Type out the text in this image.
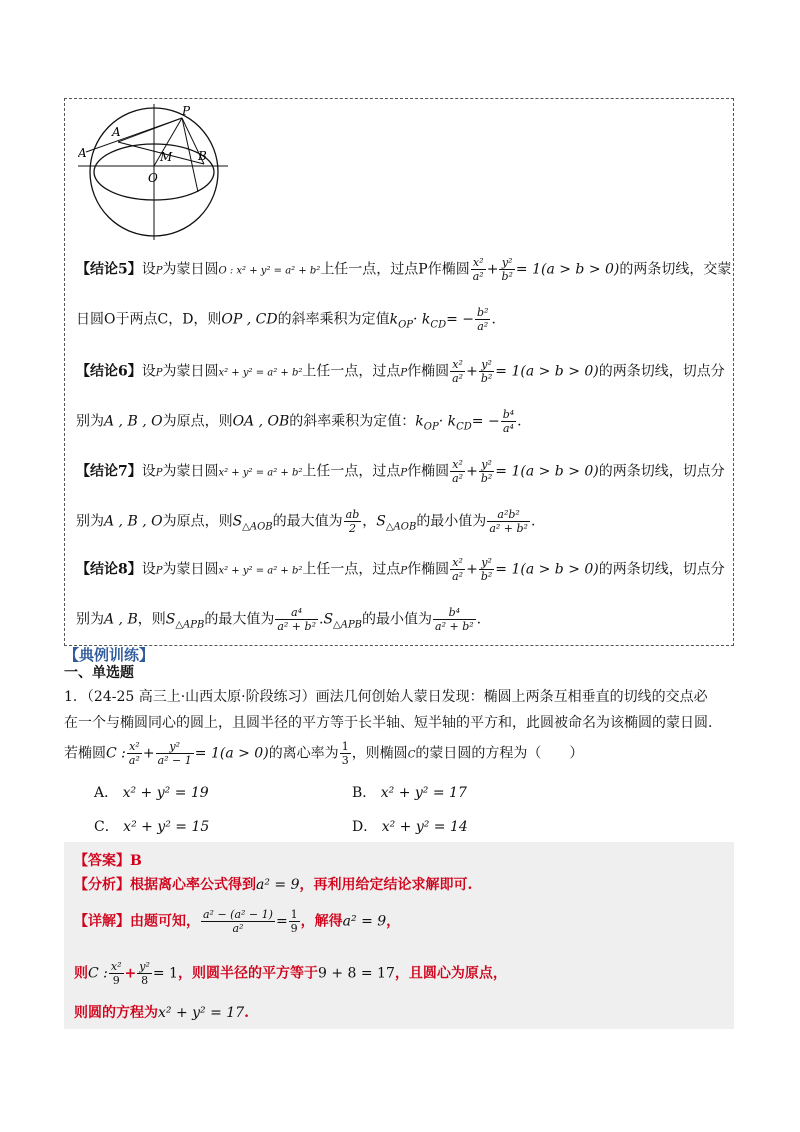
P
A
A	M B
O
【结论5】设P为蒙日圆O : x² + y² = a² + b²上任一点，过点P作椭圆 $\frac{\text{x²}}{\text{a²}} + \frac{\text{y²}}{\text{b²}} = 1(a > b > 0)$的两条切线，交蒙
日圆O于两点C，D，则OP , CD的斜率乘积为定值$k_{OP}\cdot k_{CD}= - \frac{\text{b²}}{\text{a²}}$ .
【结论6】设P为蒙日圆x² + y² = a² + b²上任一点，过点P作椭圆 $\frac{\text{x²}}{\text{a²}} + \frac{\text{y²}}{\text{b²}} = 1(a > b > 0)$的两条切线，切点分
别为A , B , O为原点，则OA , OB的斜率乘积为定值：$k_{OP}\cdot k_{CD}= - \frac{\text{b⁴}}{\text{a⁴}}$ .
【结论7】设P为蒙日圆x² + y² = a² + b²上任一点，过点P作椭圆 $\frac{\text{x²}}{\text{a²}} + \frac{\text{y²}}{\text{b²}} = 1(a > b > 0)$的两条切线，切点分
别为A , B , O为原点，则$S_{\triangle AOB}$的最大值为 $\frac{ab}{2}$ ，$S_{\triangle AOB}$的最小值为 $\frac{\text{a²b²}}{\text{a² + b²}}$ .
【结论8】设P为蒙日圆x² + y² = a² + b²上任一点，过点P作椭圆 $\frac{\text{x²}}{\text{a²}} + \frac{\text{y²}}{\text{b²}} = 1(a > b > 0)$的两条切线，切点分
别为A , B，则$S_{\triangle APB}$的最大值为 $\frac{\text{a⁴}}{\text{a² + b²}} .S_{\triangle APB}$的最小值为 $\frac{\text{b⁴}}{\text{a² + b²}}$ .
【典例训练】
一、单选题
1．（24-25 高三上·山西太原·阶段练习）画法几何创始人蒙日发现：椭圆上两条互相垂直的切线的交点必
在一个与椭圆同心的圆上，且圆半径的平方等于长半轴、短半轴的平方和，此圆被命名为该椭圆的蒙日圆.
若椭圆C : $\frac{\text{x²}}{\text{a²}} + \frac{\text{y²}}{\text{a² − 1}} = 1(a > 0)$的离心率为 $\frac{1}{3}$ ，则椭圆C的蒙日圆的方程为（　　）
A． x² + y² = 19	B． x² + y² = 17
C． x² + y² = 15	D． x² + y² = 14
【答案】B
【分析】根据离心率公式得到a² = 9，再利用给定结论求解即可.
【详解】由题可知， $\frac{\text{a² − (a² − 1)}}{\text{a²}} = \frac{1}{9}$ ，解得a² = 9，
则C : $\frac{\text{x²}}{9} + \frac{\text{y²}}{8} = 1$，则圆半径的平方等于9 + 8 = 17，且圆心为原点，
则圆的方程为x² + y² = 17.
